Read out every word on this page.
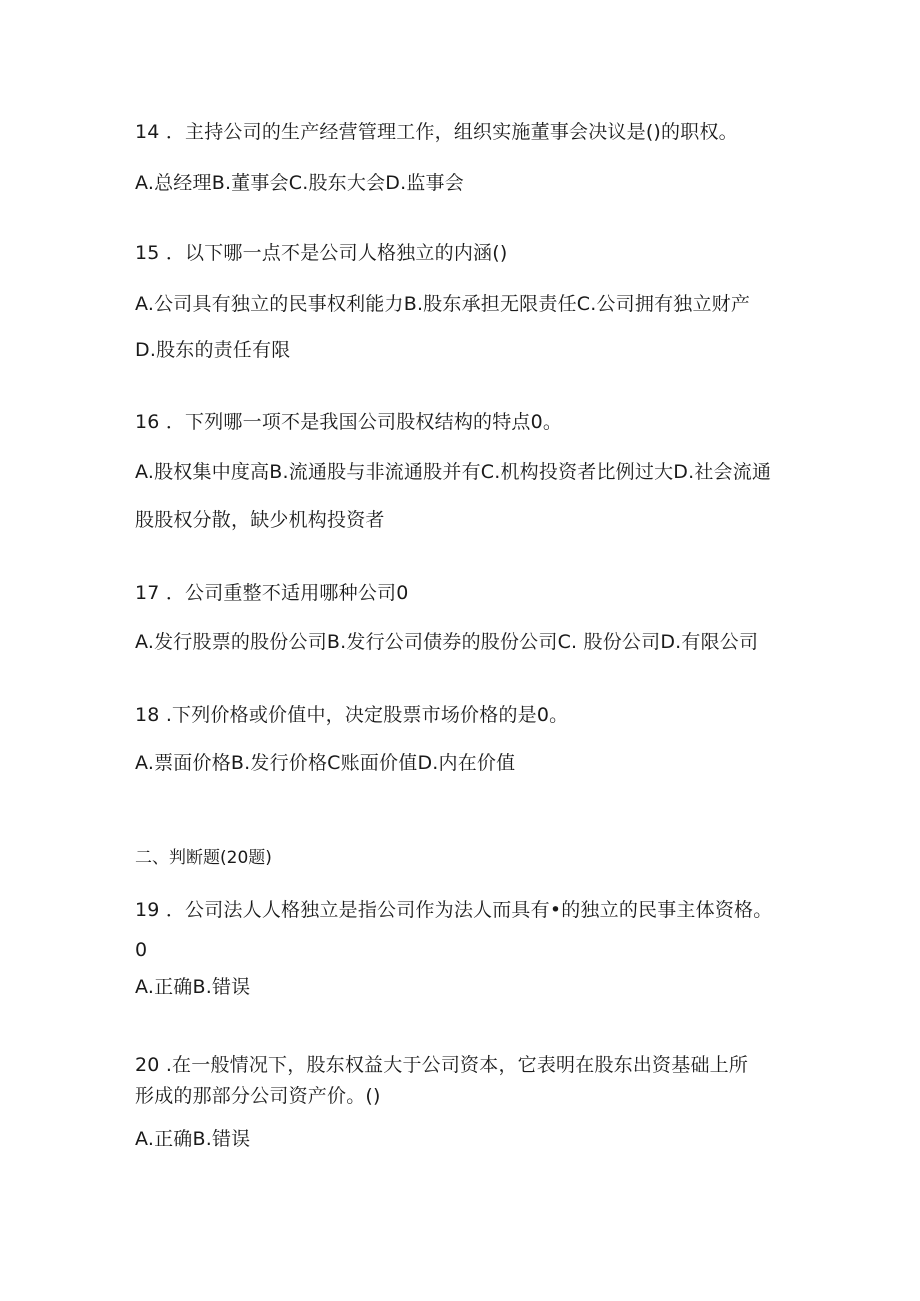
14 ．主持公司的生产经营管理工作，组织实施董事会决议是()的职权。
A.总经理B.董事会C.股东大会D.监事会
15 ．以下哪一点不是公司人格独立的内涵()
A.公司具有独立的民事权利能力B.股东承担无限责任C.公司拥有独立财产
D.股东的责任有限
16 ．下列哪一项不是我国公司股权结构的特点0。
A.股权集中度高B.流通股与非流通股并有C.机构投资者比例过大D.社会流通
股股权分散，缺少机构投资者
17 ．公司重整不适用哪种公司0
A.发行股票的股份公司B.发行公司债券的股份公司C. 股份公司D.有限公司
18 .下列价格或价值中，决定股票市场价格的是0。
A.票面价格B.发行价格C账面价值D.内在价值
二、判断题(20题)
19 ．公司法人人格独立是指公司作为法人而具有•的独立的民事主体资格。
0
A.正确B.错误
20 .在一般情况下，股东权益大于公司资本，它表明在股东出资基础上所
形成的那部分公司资产价。()
A.正确B.错误
